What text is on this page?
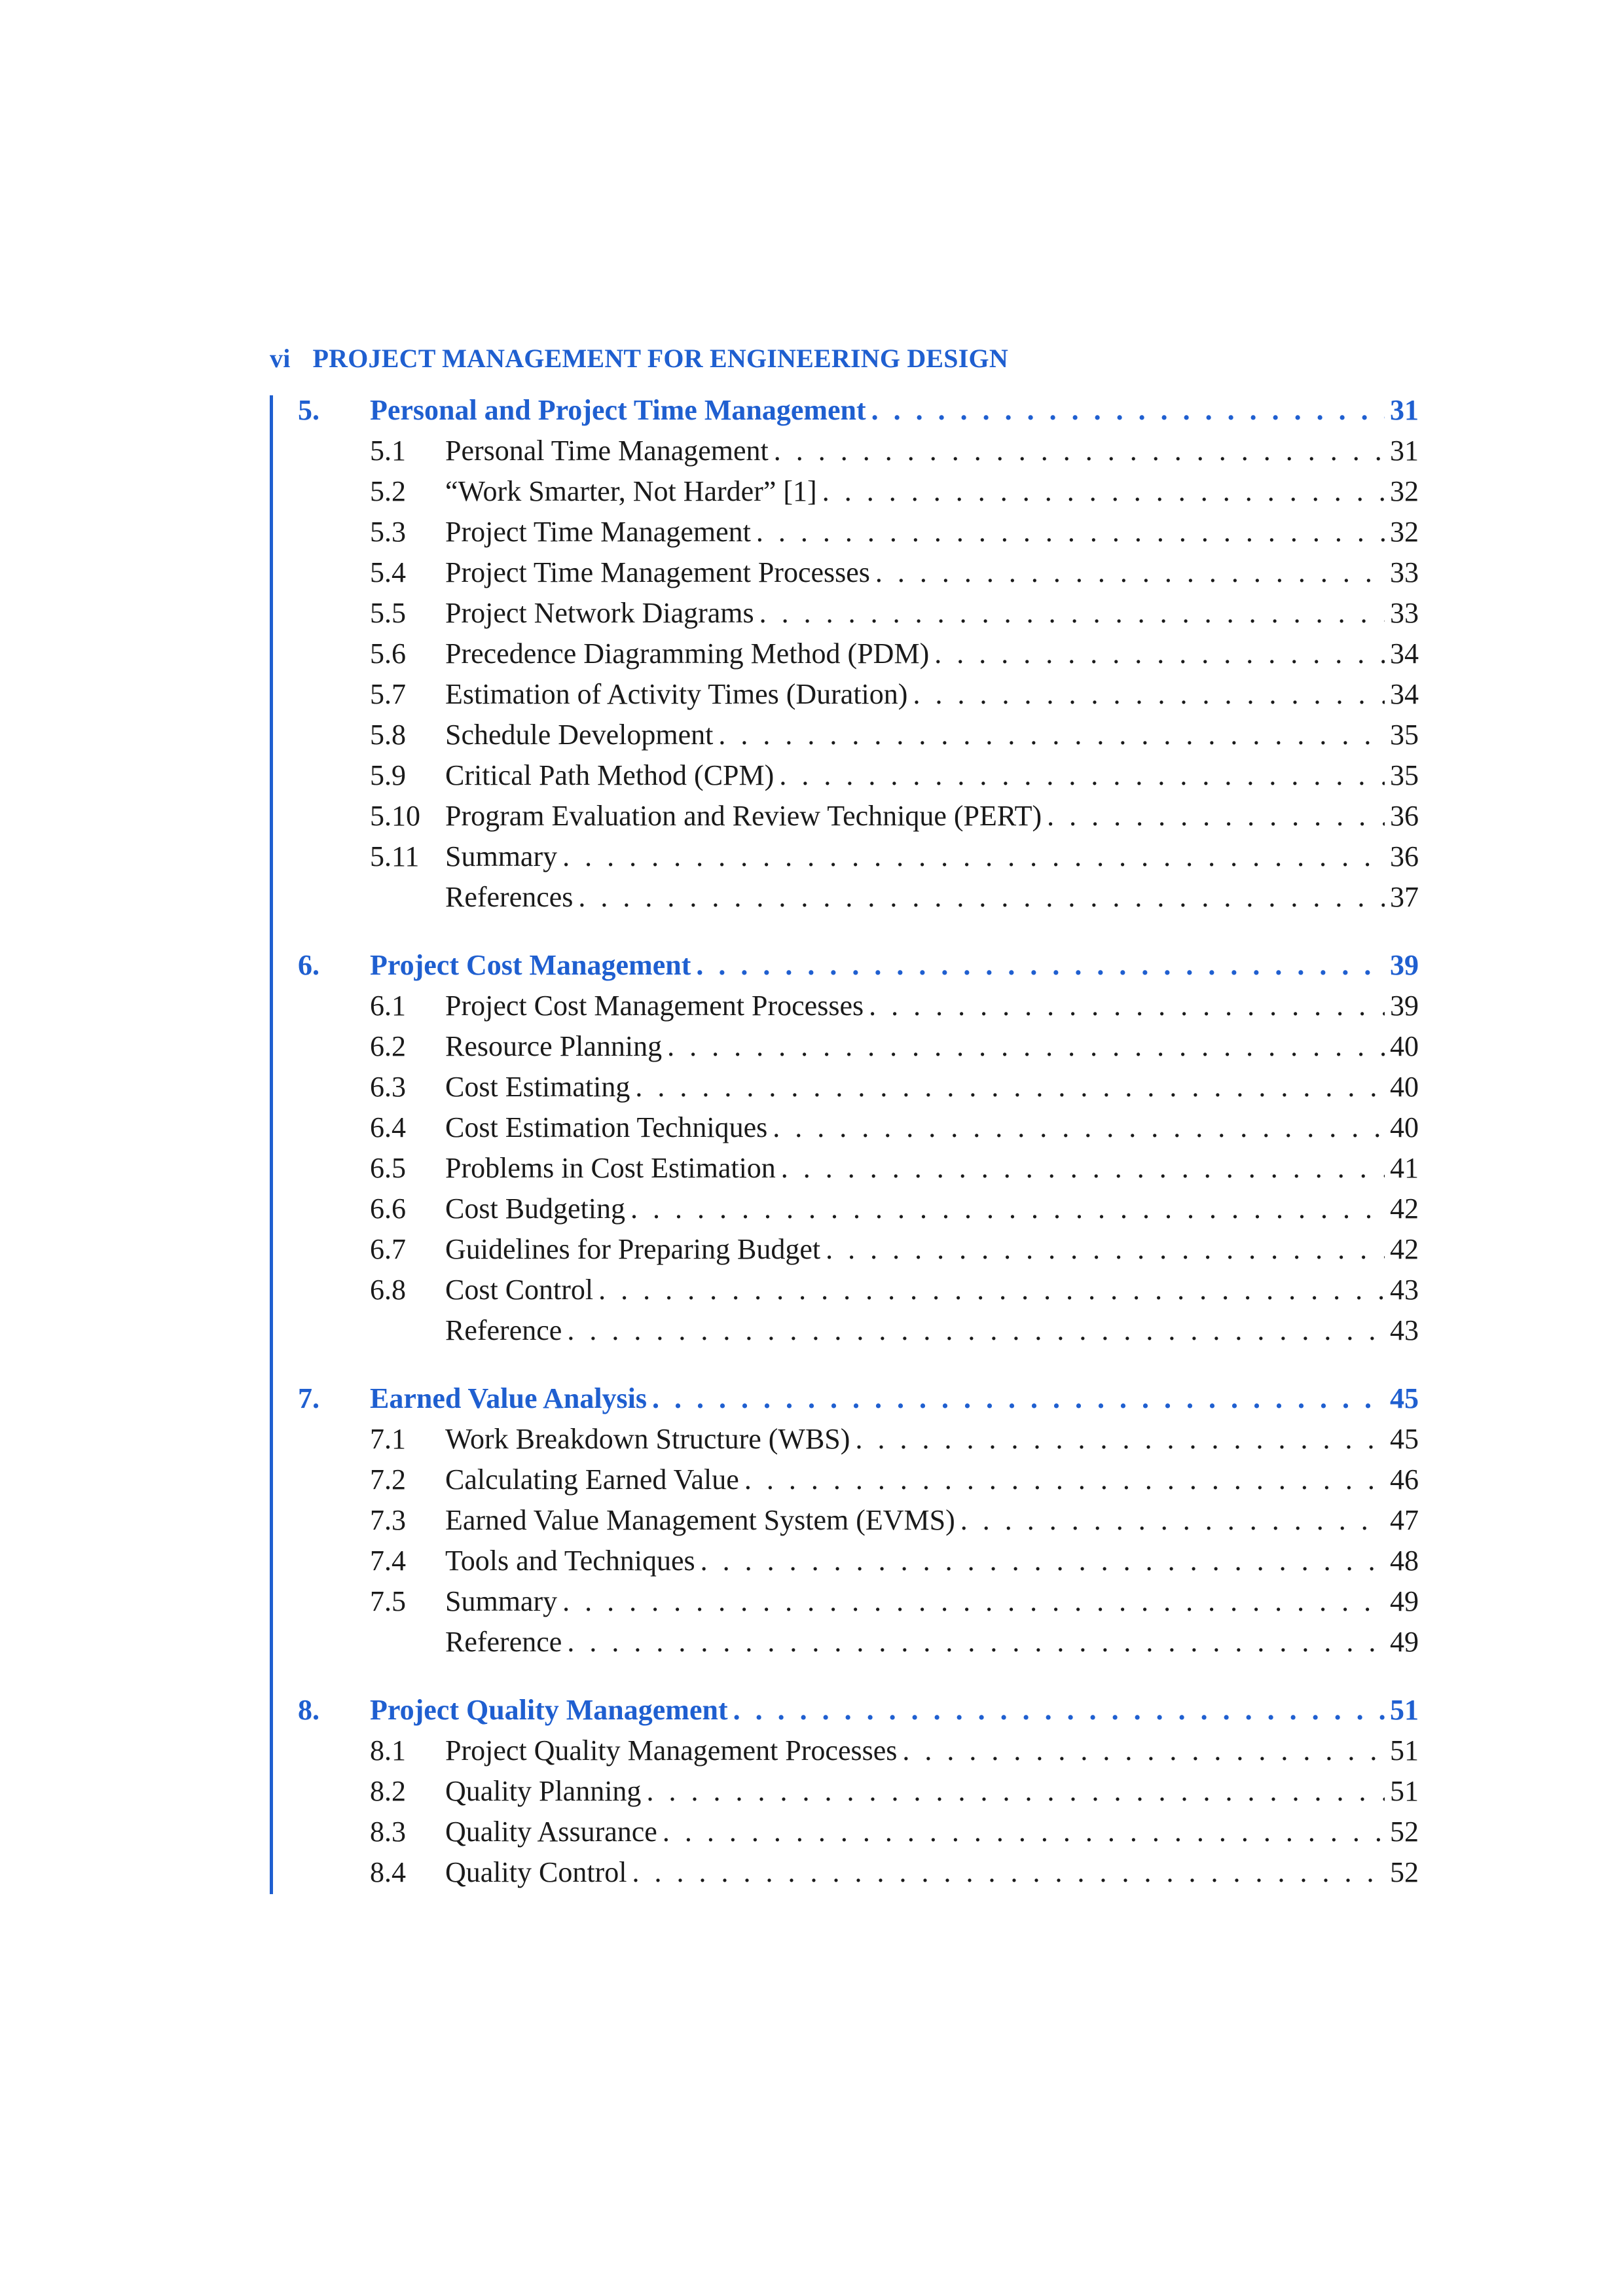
vi PROJECT MANAGEMENT FOR ENGINEERING DESIGN
5.	Personal and Project Time Management . . .	31
5.1	Personal Time Management . . .	31
5.2	“Work Smarter, Not Harder” [1] . . .	32
5.3	Project Time Management . . .	32
5.4	Project Time Management Processes . . .	33
5.5	Project Network Diagrams . . .	33
5.6	Precedence Diagramming Method (PDM) . . .	34
5.7	Estimation of Activity Times (Duration) . . .	34
5.8	Schedule Development . . .	35
5.9	Critical Path Method (CPM) . . .	35
5.10 Program Evaluation and Review Technique (PERT) . . .	36
5.11 Summary . . .	36
References . . .	37
6.	Project Cost Management . . .	39
6.1	Project Cost Management Processes . . .	39
6.2	Resource Planning . . .	40
6.3	Cost Estimating . . .	40
6.4	Cost Estimation Techniques . . .	40
6.5	Problems in Cost Estimation . . .	41
6.6	Cost Budgeting . . .	42
6.7	Guidelines for Preparing Budget . . .	42
6.8	Cost Control . . .	43
Reference . . .	43
7.	Earned Value Analysis . . .	45
7.1	Work Breakdown Structure (WBS) . . .	45
7.2	Calculating Earned Value . . .	46
7.3	Earned Value Management System (EVMS) . . .	47
7.4	Tools and Techniques . . .	48
7.5	Summary . . .	49
Reference . . .	49
8.	Project Quality Management . . .	51
8.1	Project Quality Management Processes . . .	51
8.2	Quality Planning . . .	51
8.3	Quality Assurance . . .	52
8.4	Quality Control . . .	52
